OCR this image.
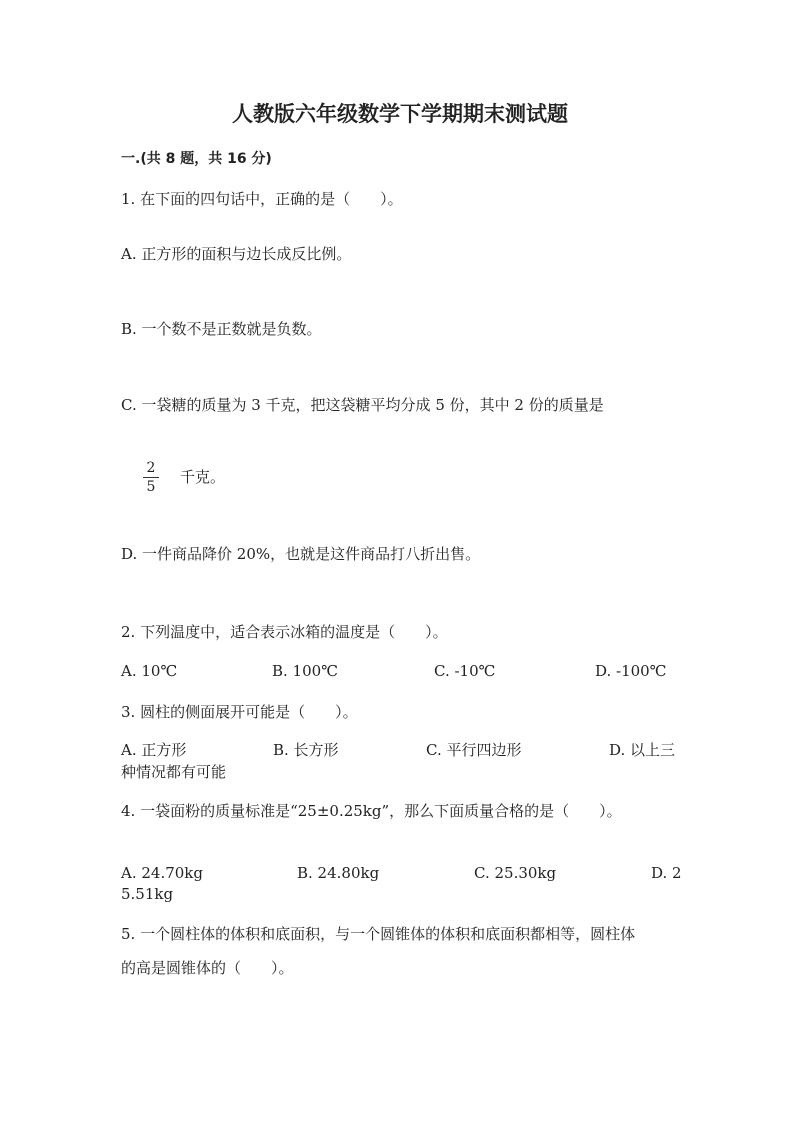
人教版六年级数学下学期期末测试题
一.(共 8 题，共 16 分)
1. 在下面的四句话中，正确的是（　　）。
A. 正方形的面积与边长成反比例。
B. 一个数不是正数就是负数。
C. 一袋糖的质量为 3 千克，把这袋糖平均分成 5 份，其中 2 份的质量是
2
5
千克。
D. 一件商品降价 20%，也就是这件商品打八折出售。
2. 下列温度中，适合表示冰箱的温度是（　　）。
A. 10℃	B. 100℃	C. -10℃	D. -100℃
3. 圆柱的侧面展开可能是（　　）。
A. 正方形	B. 长方形	C. 平行四边形	D. 以上三
种情况都有可能
4. 一袋面粉的质量标准是“25±0.25kg”，那么下面质量合格的是（　　）。
A. 24.70kg	B. 24.80kg	C. 25.30kg	D. 2
5.51kg
5. 一个圆柱体的体积和底面积，与一个圆锥体的体积和底面积都相等，圆柱体
的高是圆锥体的（　　）。
